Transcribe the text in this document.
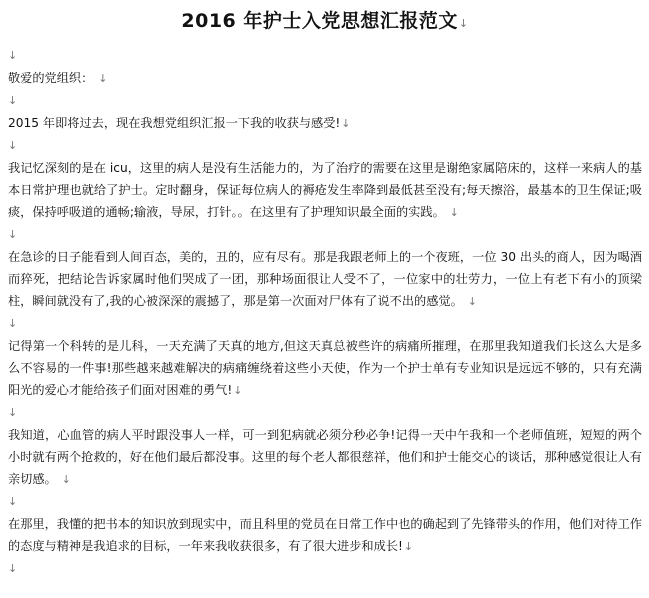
2016 年护士入党思想汇报范文↓
↓
敬爱的党组织： ↓
↓
2015 年即将过去，现在我想党组织汇报一下我的收获与感受!↓
↓
我记忆深刻的是在 icu，这里的病人是没有生活能力的，为了治疗的需要在这里是谢绝家属陪床的，这样一来病人的基本日常护理也就给了护士。定时翻身，保证每位病人的褥疮发生率降到最低甚至没有;每天擦浴，最基本的卫生保证;吸痰，保持呼吸道的通畅;输液，导尿，打针。。在这里有了护理知识最全面的实践。 ↓
↓
在急诊的日子能看到人间百态，美的，丑的，应有尽有。那是我跟老师上的一个夜班，一位 30 出头的商人，因为喝酒而猝死，把结论告诉家属时他们哭成了一团，那种场面很让人受不了，一位家中的壮劳力，一位上有老下有小的顶梁柱，瞬间就没有了,我的心被深深的震撼了，那是第一次面对尸体有了说不出的感觉。 ↓
↓
记得第一个科转的是儿科，一天充满了天真的地方,但这天真总被些许的病痛所摧理，在那里我知道我们长这么大是多么不容易的一件事!那些越来越难解决的病痛缠绕着这些小天使，作为一个护士单有专业知识是远远不够的，只有充满阳光的爱心才能给孩子们面对困难的勇气!↓
↓
我知道，心血管的病人平时跟没事人一样，可一到犯病就必须分秒必争!记得一天中午我和一个老师值班，短短的两个小时就有两个抢救的，好在他们最后都没事。这里的每个老人都很慈祥，他们和护士能交心的谈话，那种感觉很让人有亲切感。 ↓
↓
在那里，我懂的把书本的知识放到现实中，而且科里的党员在日常工作中也的确起到了先锋带头的作用，他们对待工作的态度与精神是我追求的目标，一年来我收获很多，有了很大进步和成长!↓
↓
